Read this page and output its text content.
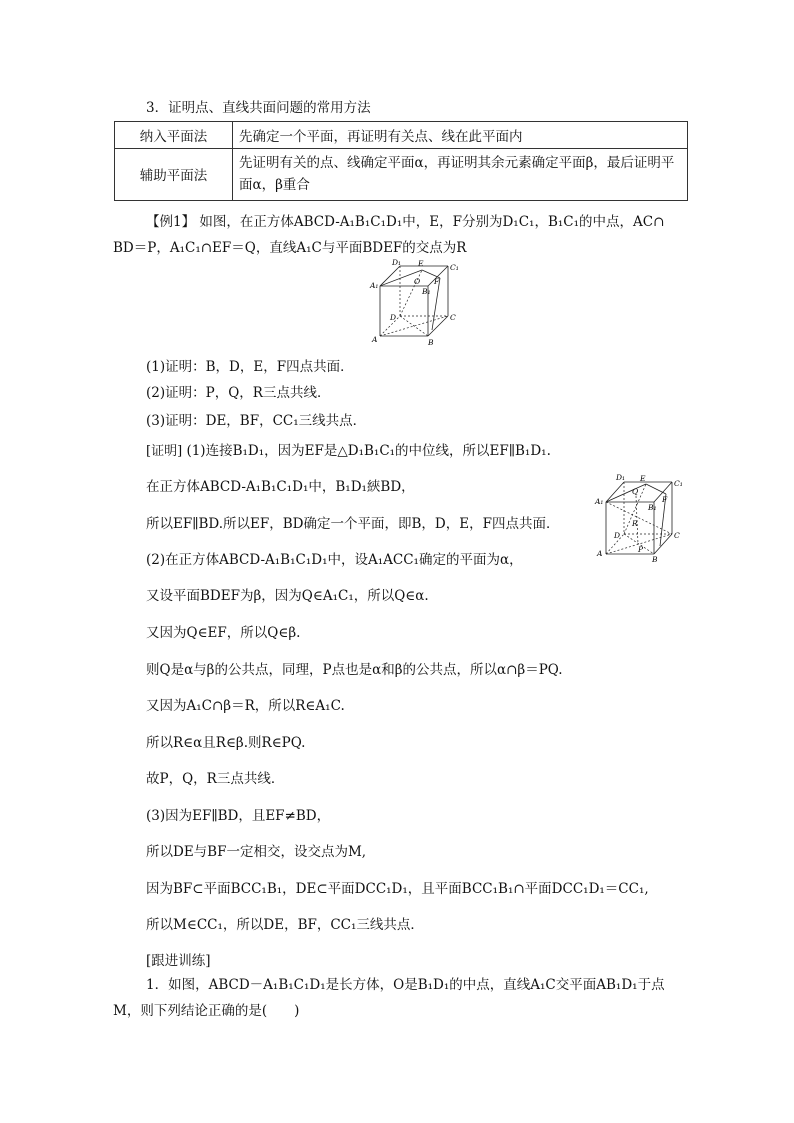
3．证明点、直线共面问题的常用方法
纳入平面法	先确定一个平面，再证明有关点、线在此平面内
辅助平面法	先证明有关的点、线确定平面α，再证明其余元素确定平面β，最后证明平面α，β重合
【例1】 如图，在正方体ABCD-A₁B₁C₁D₁中，E，F分别为D₁C₁，B₁C₁的中点，AC∩
BD＝P，A₁C₁∩EF＝Q，直线A₁C与平面BDEF的交点为R
D₁ E	C₁
A₁	O
B₁
F
D	C
A	B
(1)证明：B，D，E，F四点共面．
(2)证明：P，Q，R三点共线．
(3)证明：DE，BF，CC₁三线共点．
[证明] (1)连接B₁D₁，因为EF是△D₁B₁C₁的中位线，所以EF∥B₁D₁.
在正方体ABCD-A₁B₁C₁D₁中，B₁D₁綊BD，
所以EF∥BD.所以EF，BD确定一个平面，即B，D，E，F四点共面．
(2)在正方体ABCD-A₁B₁C₁D₁中，设A₁ACC₁确定的平面为α，
又设平面BDEF为β，因为Q∈A₁C₁，所以Q∈α.
又因为Q∈EF，所以Q∈β.
则Q是α与β的公共点，同理，P点也是α和β的公共点，所以α∩β＝PQ.
又因为A₁C∩β＝R，所以R∈A₁C.
所以R∈α且R∈β.则R∈PQ.
故P，Q，R三点共线．
(3)因为EF∥BD，且EF≠BD，
所以DE与BF一定相交，设交点为M,
因为BF⊂平面BCC₁B₁，DE⊂平面DCC₁D₁，且平面BCC₁B₁∩平面DCC₁D₁＝CC₁,
所以M∈CC₁，所以DE，BF，CC₁三线共点．
D₁ E
C₁
A₁
Q
B₁
F
R
D	C
A	P
B
[跟进训练]
1．如图，ABCD－A₁B₁C₁D₁是长方体，O是B₁D₁的中点，直线A₁C交平面AB₁D₁于点
M，则下列结论正确的是(　　)
